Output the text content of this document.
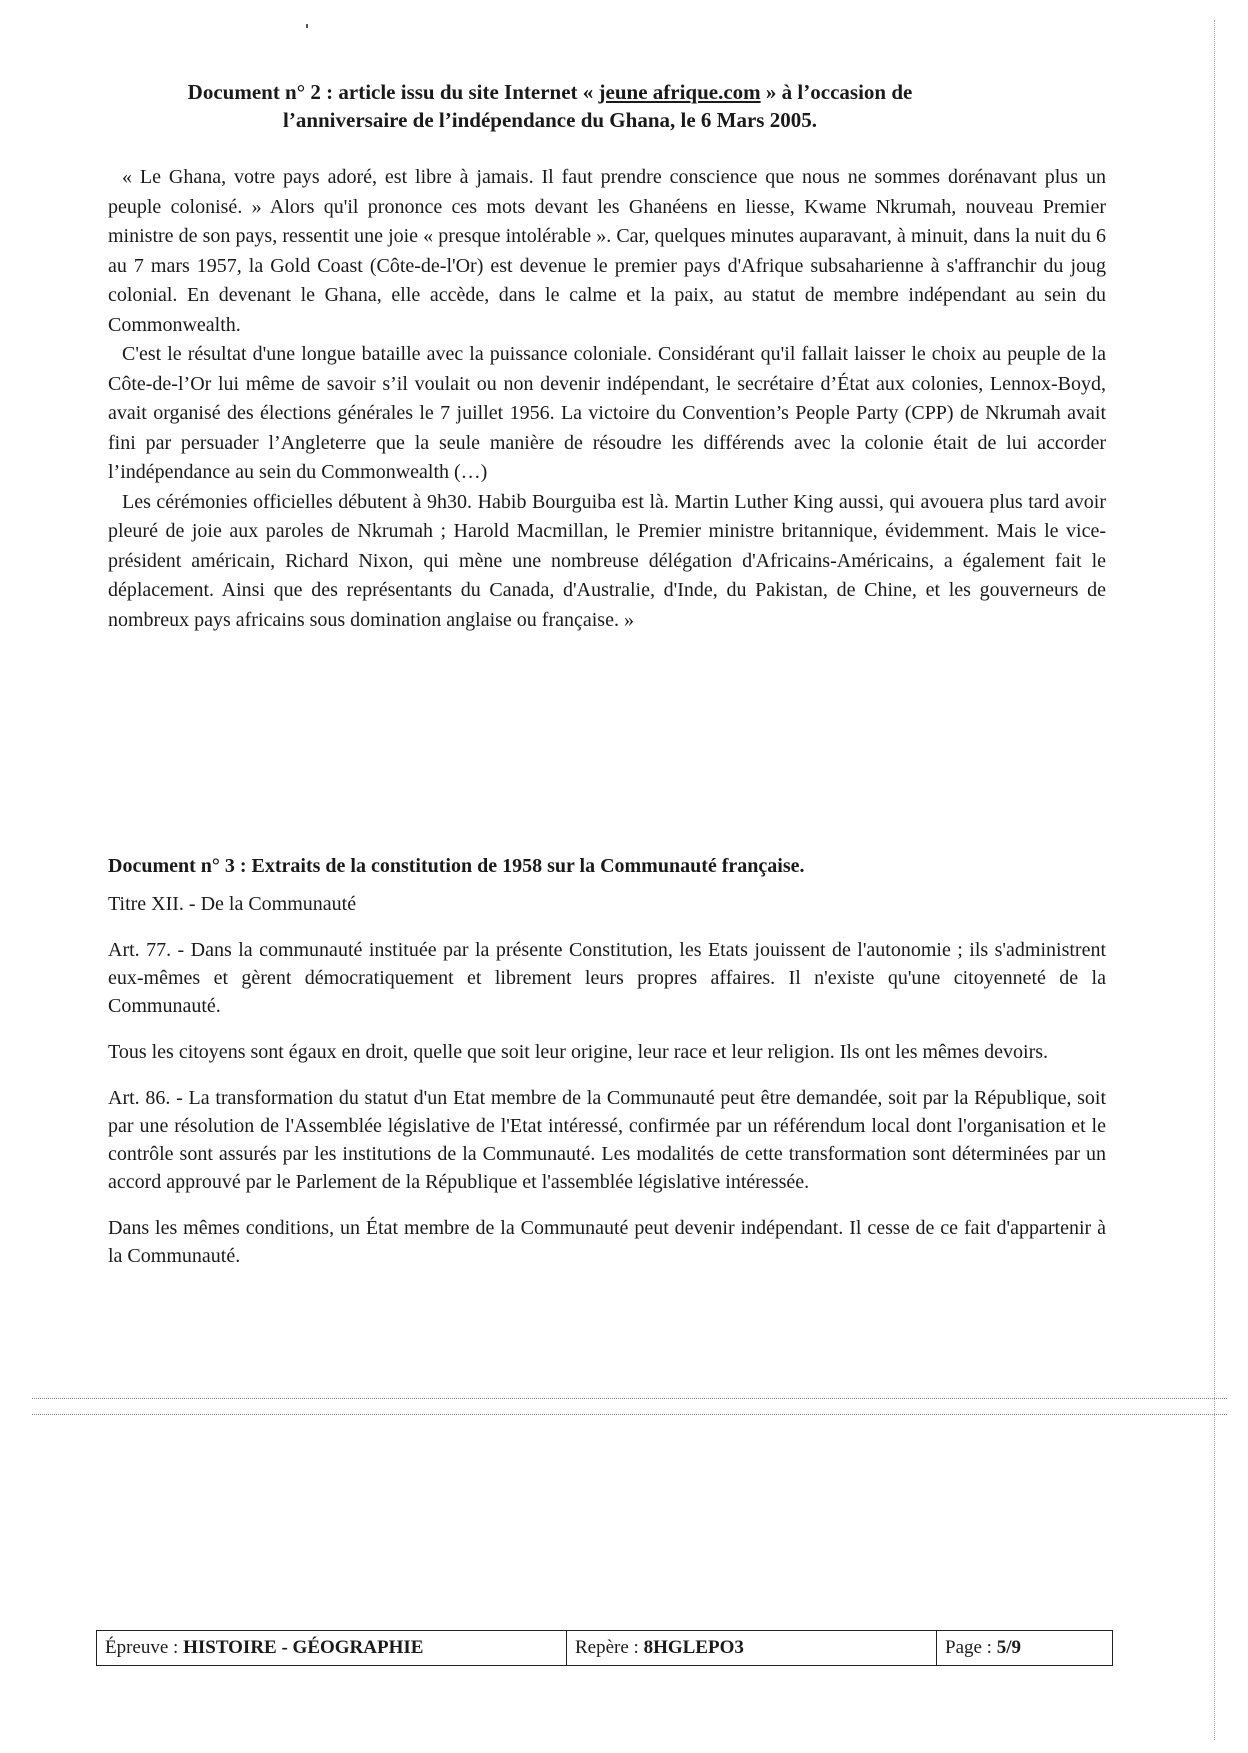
Document n° 2 : article issu du site Internet « jeune afrique.com » à l’occasion de
l’anniversaire de l’indépendance du Ghana, le 6 Mars 2005.

« Le Ghana, votre pays adoré, est libre à jamais. Il faut prendre conscience que nous ne sommes dorénavant plus un peuple colonisé. » Alors qu'il prononce ces mots devant les Ghanéens en liesse, Kwame Nkrumah, nouveau Premier ministre de son pays, ressentit une joie « presque intolérable ». Car, quelques minutes auparavant, à minuit, dans la nuit du 6 au 7 mars 1957, la Gold Coast (Côte-de-l'Or) est devenue le premier pays d'Afrique subsaharienne à s'affranchir du joug colonial. En devenant le Ghana, elle accède, dans le calme et la paix, au statut de membre indépendant au sein du Commonwealth.

C'est le résultat d'une longue bataille avec la puissance coloniale. Considérant qu'il fallait laisser le choix au peuple de la Côte-de-l’Or lui même de savoir s’il voulait ou non devenir indépendant, le secrétaire d’État aux colonies, Lennox-Boyd, avait organisé des élections générales le 7 juillet 1956. La victoire du Convention’s People Party (CPP) de Nkrumah avait fini par persuader l’Angleterre que la seule manière de résoudre les différends avec la colonie était de lui accorder l’indépendance au sein du Commonwealth (…)

Les cérémonies officielles débutent à 9h30. Habib Bourguiba est là. Martin Luther King aussi, qui avouera plus tard avoir pleuré de joie aux paroles de Nkrumah ; Harold Macmillan, le Premier ministre britannique, évidemment. Mais le vice-président américain, Richard Nixon, qui mène une nombreuse délégation d'Africains-Américains, a également fait le déplacement. Ainsi que des représentants du Canada, d'Australie, d'Inde, du Pakistan, de Chine, et les gouverneurs de nombreux pays africains sous domination anglaise ou française. »

Document n° 3 : Extraits de la constitution de 1958 sur la Communauté française.
Titre XII. - De la Communauté

Art. 77. - Dans la communauté instituée par la présente Constitution, les Etats jouissent de l'autonomie ; ils s'administrent eux-mêmes et gèrent démocratiquement et librement leurs propres affaires. Il n'existe qu'une citoyenneté de la Communauté.

Tous les citoyens sont égaux en droit, quelle que soit leur origine, leur race et leur religion. Ils ont les mêmes devoirs.

Art. 86. - La transformation du statut d'un Etat membre de la Communauté peut être demandée, soit par la République, soit par une résolution de l'Assemblée législative de l'Etat intéressé, confirmée par un référendum local dont l'organisation et le contrôle sont assurés par les institutions de la Communauté. Les modalités de cette transformation sont déterminées par un accord approuvé par le Parlement de la République et l'assemblée législative intéressée.

Dans les mêmes conditions, un État membre de la Communauté peut devenir indépendant. Il cesse de ce fait d'appartenir à la Communauté.

Épreuve : HISTOIRE - GÉOGRAPHIE	Repère : 8HGLEPO3	Page : 5/9
